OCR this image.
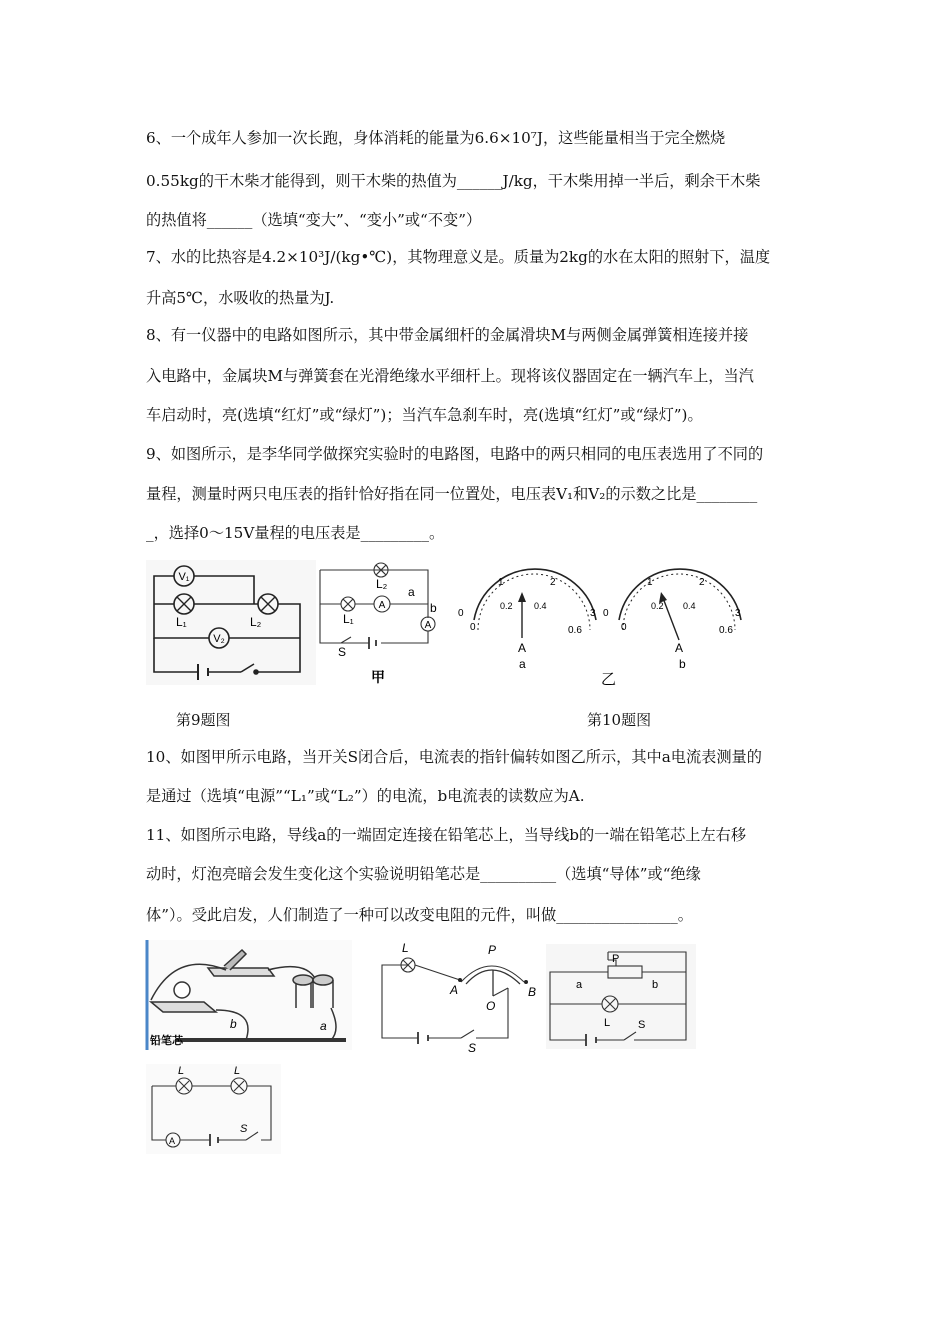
6、一个成年人参加一次长跑，身体消耗的能量为6.6×10⁷J，这些能量相当于完全燃烧
0.55kg的干木柴才能得到，则干木柴的热值为______J/kg，干木柴用掉一半后，剩余干木柴
的热值将______（选填“变大”、“变小”或“不变”）
7、水的比热容是4.2×10³J/(kg•℃)，其物理意义是。质量为2kg的水在太阳的照射下，温度
升高5℃，水吸收的热量为J.
8、有一仪器中的电路如图所示，其中带金属细杆的金属滑块M与两侧金属弹簧相连接并接
入电路中，金属块M与弹簧套在光滑绝缘水平细杆上。现将该仪器固定在一辆汽车上，当汽
车启动时，亮(选填“红灯”或“绿灯”)；当汽车急刹车时，亮(选填“红灯”或“绿灯”)。
9、如图所示，是李华同学做探究实验时的电路图，电路中的两只相同的电压表选用了不同的
量程，测量时两只电压表的指针恰好指在同一位置处，电压表V₁和V₂的示数之比是________
_，选择0～15V量程的电压表是_________。
V₁
V₂
L₁	L₂
A
A
L₂
L₁
a
b
S
甲
1	2
0.2 0.4
0	3
0	0.6
A
a
1	2
0.2 0.4
0	3
0	0.6
A
b
乙
第9题图	第10题图
10、如图甲所示电路，当开关S闭合后，电流表的指针偏转如图乙所示，其中a电流表测量的
是通过（选填“电源”“L₁”或“L₂”）的电流，b电流表的读数应为A.
11、如图所示电路，导线a的一端固定连接在铅笔芯上，当导线b的一端在铅笔芯上左右移
动时，灯泡亮暗会发生变化这个实验说明铅笔芯是__________（选填“导体”或“绝缘
体”）。受此启发，人们制造了一种可以改变电阻的元件，叫做________________。
铅笔芯
b	a
L	P
A	B
O
S
P
a	b
L	S
L	L
A
S
